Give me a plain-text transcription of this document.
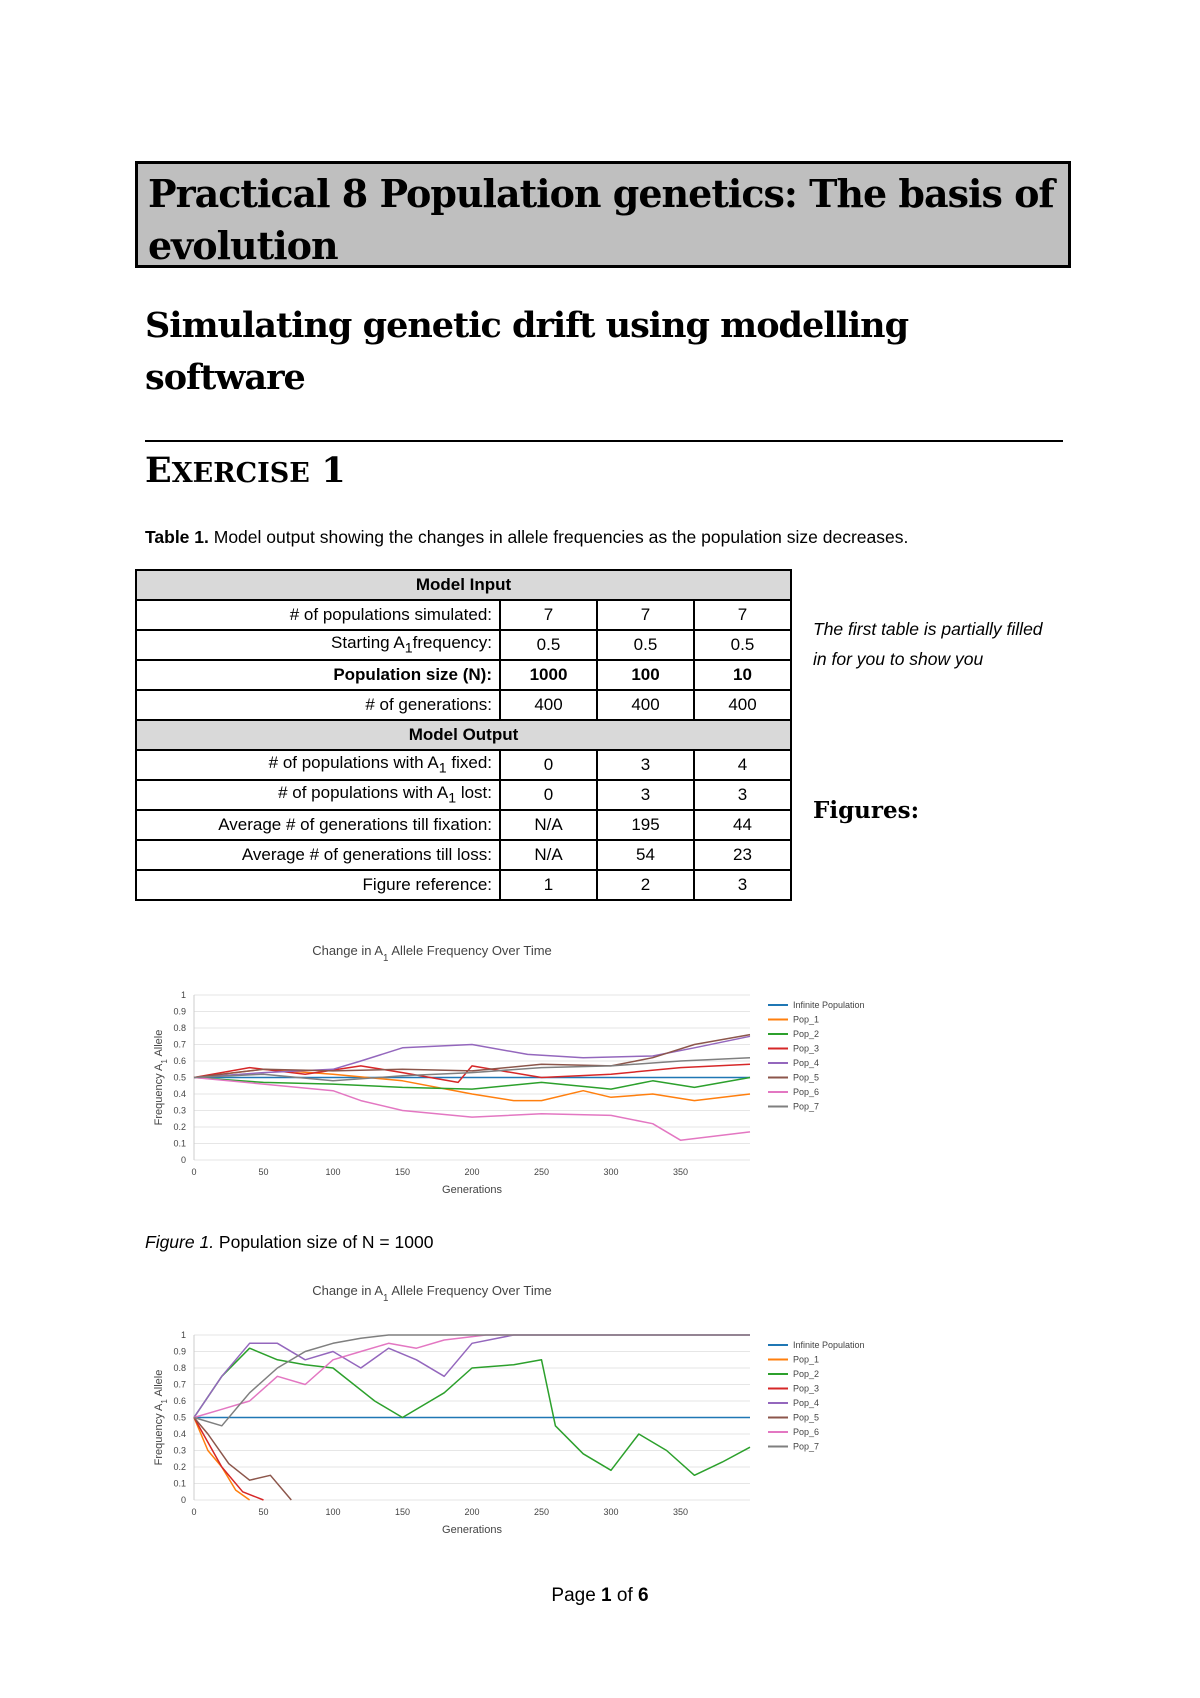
Practical 8 Population genetics: The basis of evolution
Simulating genetic drift using modelling software
EXERCISE 1
Table 1. Model output showing the changes in allele frequencies as the population size decreases.
Model Input			
# of populations simulated:	7	7	7
Starting $A_1frequency$:	0.5	0.5	0.5
Population size (N):	1000	100	10
# of generations:	400	400	400
Model Output			
# of populations with $A_1$ fixed:	0	3	4
# of populations with $A_1$ lost:	0	3	3
Average # of generations till fixation:	N/A	195	44
Average # of generations till loss:	N/A	54	23
Figure reference:	1	2	3
The first table is partially filled in for you to show you
Figures:
Change in $A_1$ Allele Frequency Over Time
0
0.1
0.2
0.3
0.4
0.5
0.6
0.7
0.8
0.9
1
0	50	100	150	200	250	300	350
Generations
Frequency $A_1$ Allele
Infinite Population
Pop_1
Pop_2
Pop_3
Pop_4
Pop_5
Pop_6
Pop_7
Figure 1. Population size of N = 1000
Change in $A_1$ Allele Frequency Over Time
0
0.1
0.2
0.3
0.4
0.5
0.6
0.7
0.8
0.9
1
0	50	100	150	200	250	300	350
Generations
Frequency $A_1$ Allele
Infinite Population
Pop_1
Pop_2
Pop_3
Pop_4
Pop_5
Pop_6
Pop_7
Page 1 of 6
